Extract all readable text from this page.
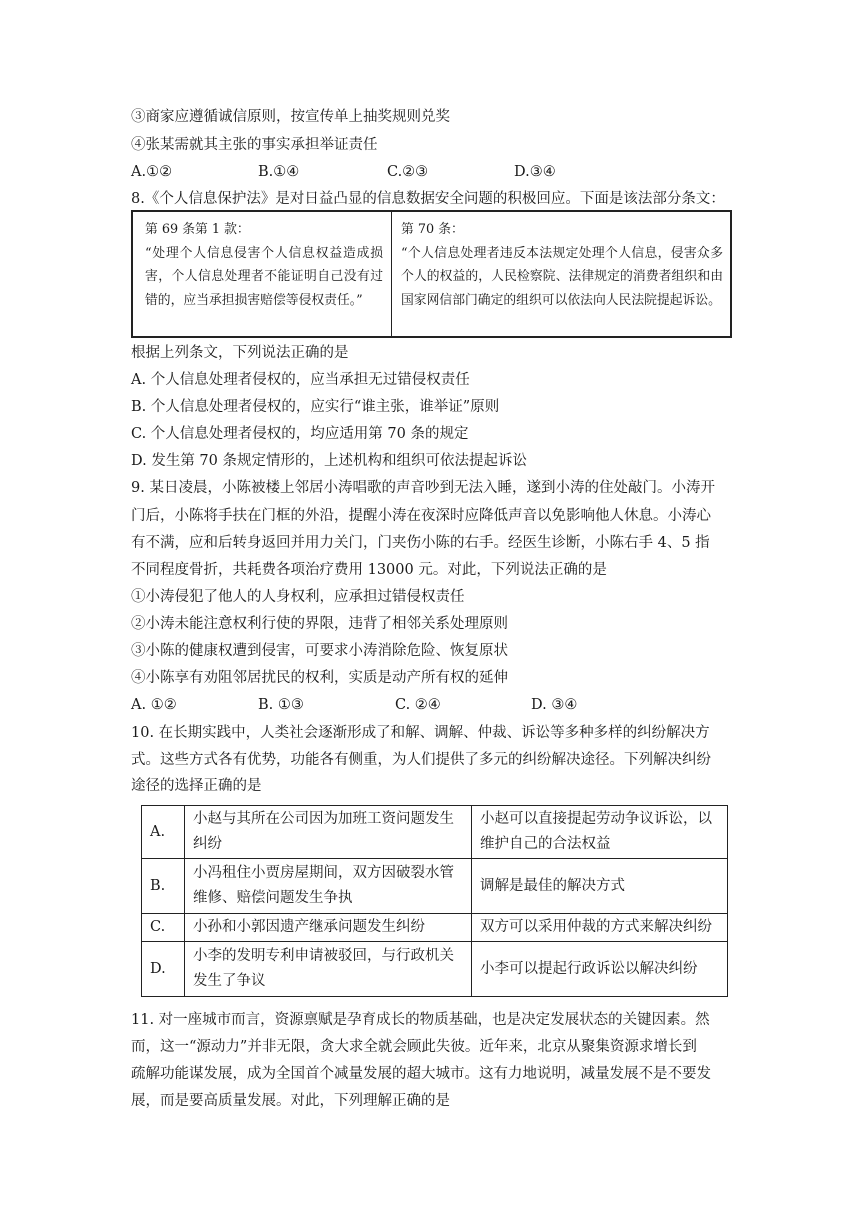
③商家应遵循诚信原则，按宣传单上抽奖规则兑奖
④张某需就其主张的事实承担举证责任
A.①②	B.①④	C.②③	D.③④
8.《个人信息保护法》是对日益凸显的信息数据安全问题的积极回应。下面是该法部分条文：
第 69 条第 1 款：
“处理个人信息侵害个人信息权益造成损害，个人信息处理者不能证明自己没有过错的，应当承担损害赔偿等侵权责任。”
第 70 条：
“个人信息处理者违反本法规定处理个人信息，侵害众多个人的权益的，人民检察院、法律规定的消费者组织和由国家网信部门确定的组织可以依法向人民法院提起诉讼。
根据上列条文，下列说法正确的是
A. 个人信息处理者侵权的，应当承担无过错侵权责任
B. 个人信息处理者侵权的，应实行“谁主张，谁举证”原则
C. 个人信息处理者侵权的，均应适用第 70 条的规定
D. 发生第 70 条规定情形的，上述机构和组织可依法提起诉讼
9. 某日凌晨，小陈被楼上邻居小涛唱歌的声音吵到无法入睡，遂到小涛的住处敲门。小涛开
门后，小陈将手扶在门框的外沿，提醒小涛在夜深时应降低声音以免影响他人休息。小涛心
有不满，应和后转身返回并用力关门，门夹伤小陈的右手。经医生诊断，小陈右手 4、5 指
不同程度骨折，共耗费各项治疗费用 13000 元。对此，下列说法正确的是
①小涛侵犯了他人的人身权利，应承担过错侵权责任
②小涛未能注意权利行使的界限，违背了相邻关系处理原则
③小陈的健康权遭到侵害，可要求小涛消除危险、恢复原状
④小陈享有劝阻邻居扰民的权利，实质是动产所有权的延伸
A. ①②	B. ①③	C. ②④	D. ③④
10. 在长期实践中，人类社会逐渐形成了和解、调解、仲裁、诉讼等多种多样的纠纷解决方
式。这些方式各有优势，功能各有侧重，为人们提供了多元的纠纷解决途径。下列解决纠纷
途径的选择正确的是
A.	小赵与其所在公司因为加班工资问题发生纠纷	小赵可以直接提起劳动争议诉讼，以维护自己的合法权益
B.	小冯租住小贾房屋期间，双方因破裂水管维修、赔偿问题发生争执	调解是最佳的解决方式
C.	小孙和小郭因遗产继承问题发生纠纷	双方可以采用仲裁的方式来解决纠纷
D.	小李的发明专利申请被驳回，与行政机关发生了争议	小李可以提起行政诉讼以解决纠纷
11. 对一座城市而言，资源禀赋是孕育成长的物质基础，也是决定发展状态的关键因素。然
而，这一“源动力”并非无限，贪大求全就会顾此失彼。近年来，北京从聚集资源求增长到
疏解功能谋发展，成为全国首个减量发展的超大城市。这有力地说明，减量发展不是不要发
展，而是要高质量发展。对此，下列理解正确的是
